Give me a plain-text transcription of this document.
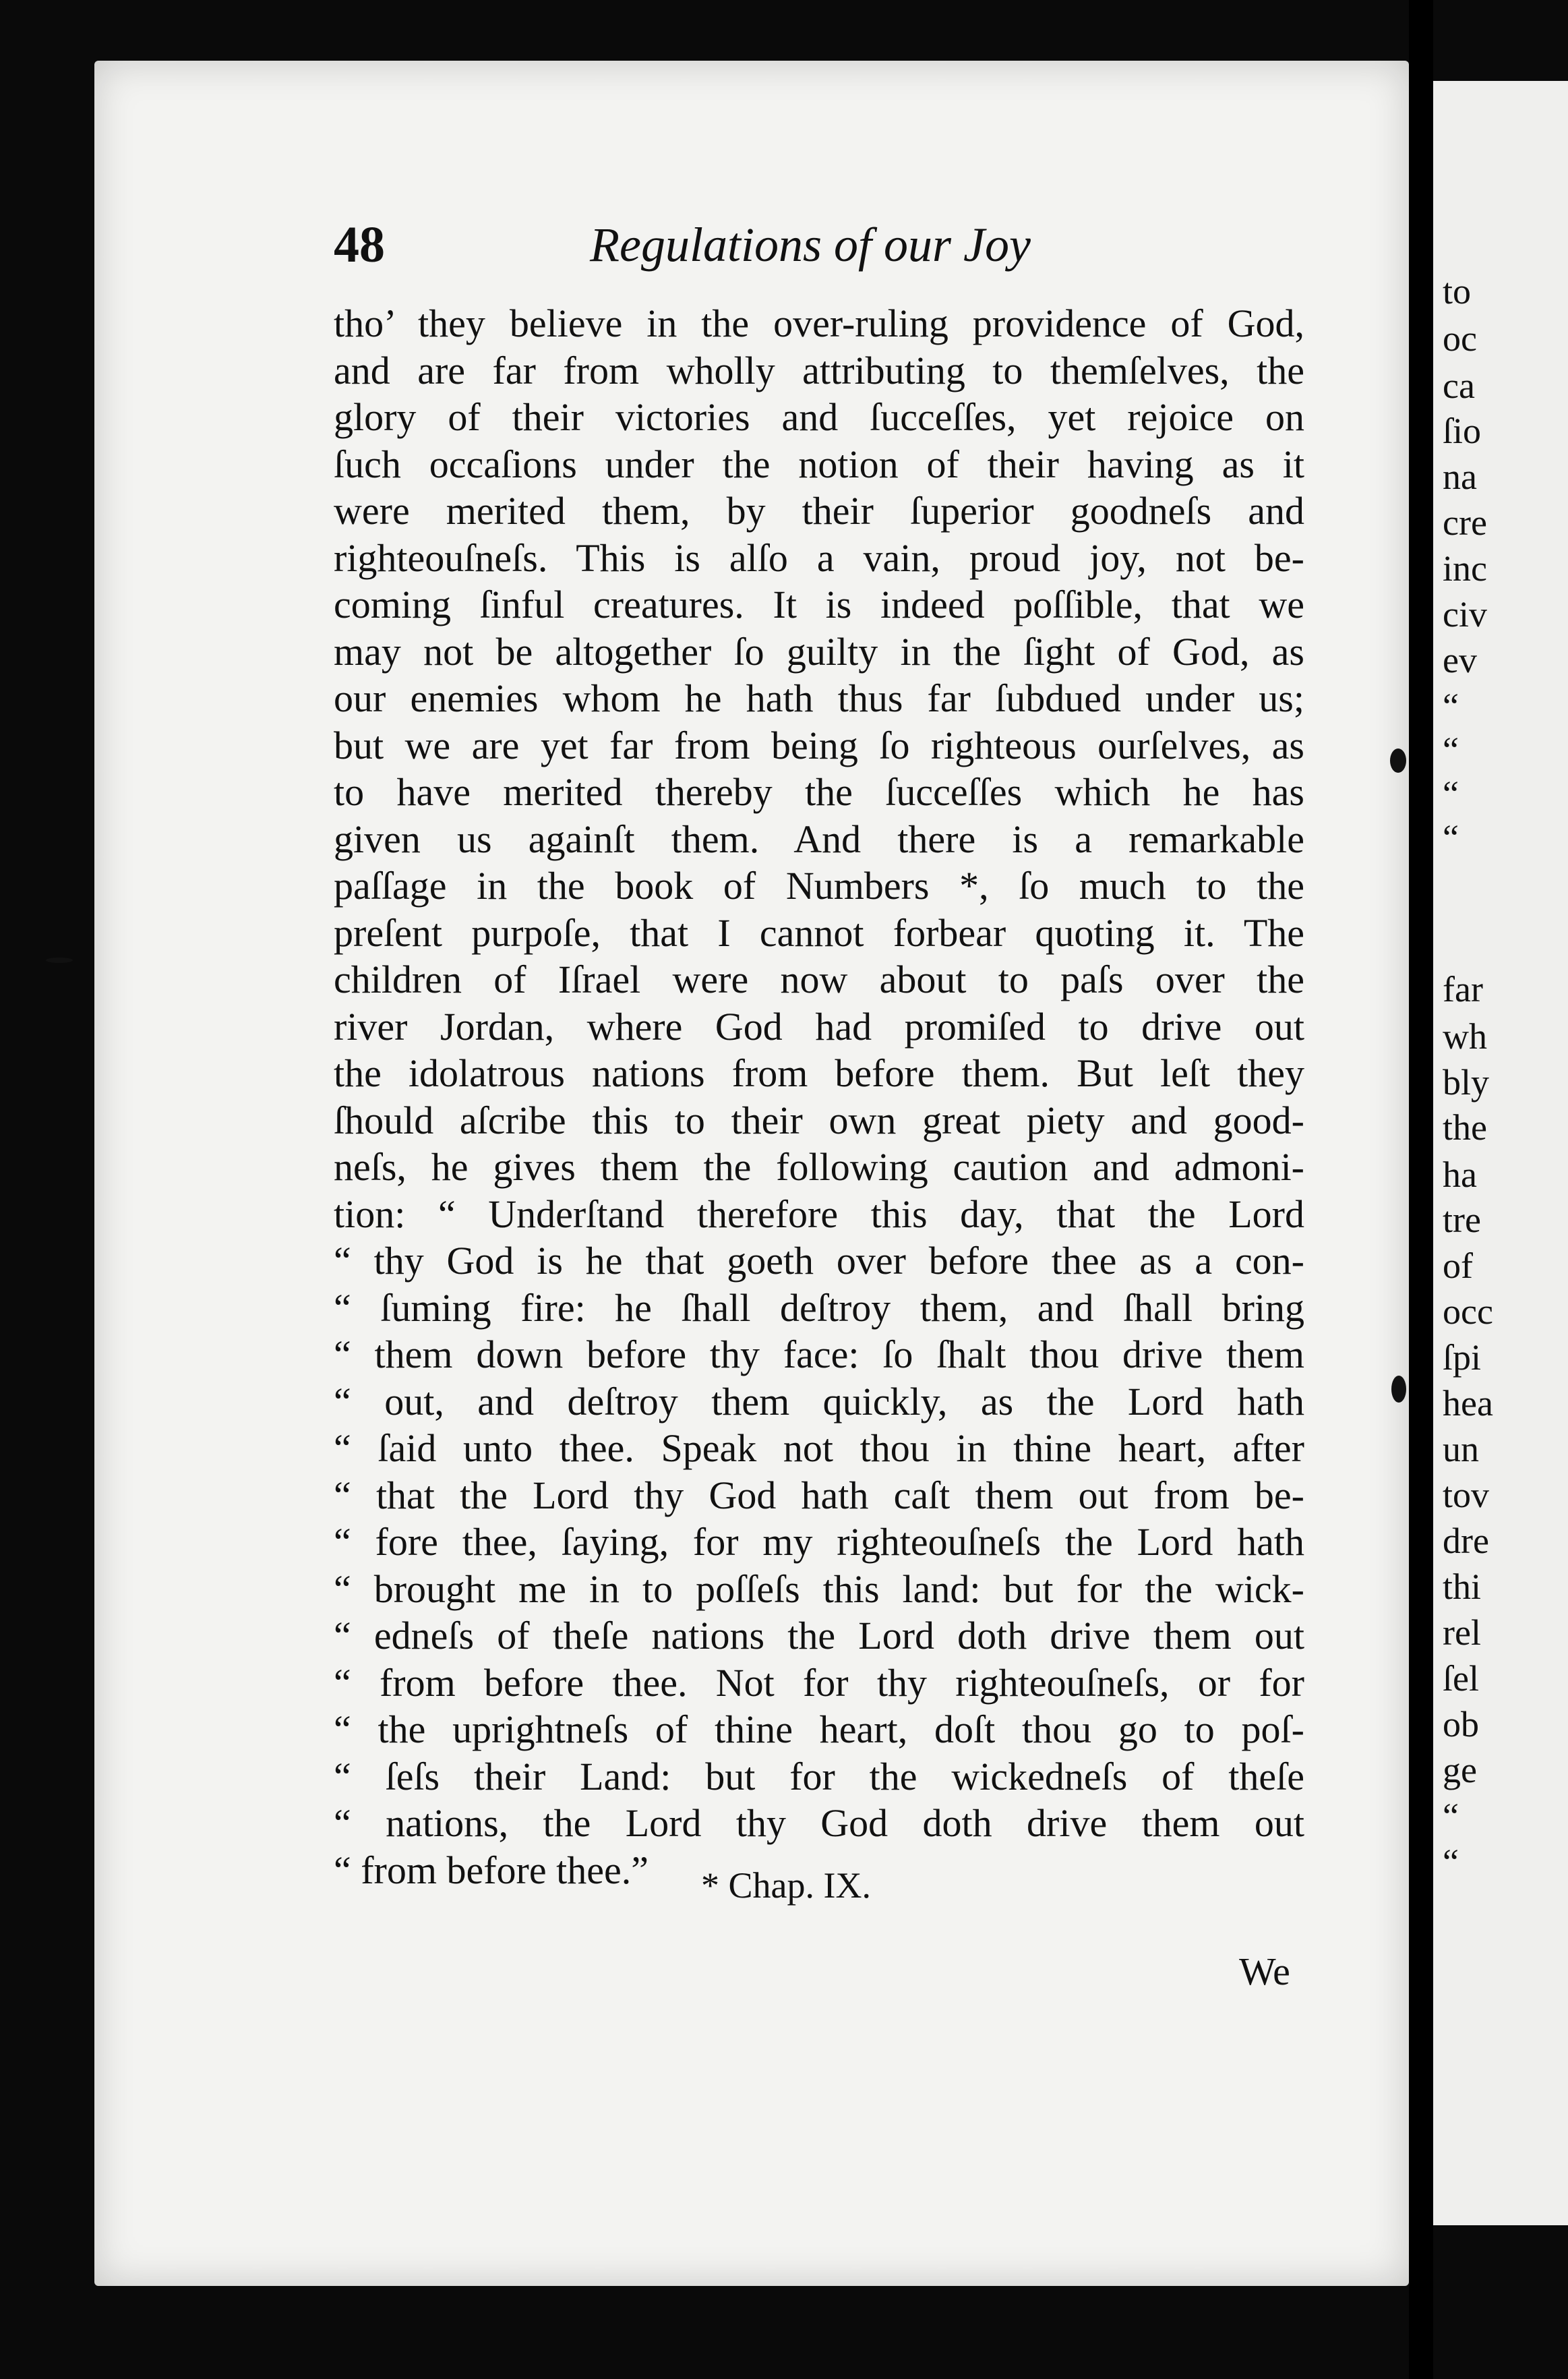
to
oc
ca
ſio
na
cre
inc
civ
ev
“
“
“
“
far
wh
bly
the
ha
tre
of
occ
ſpi
hea
un
tov
dre
thi
rel
ſel
ob
ge
“
“
48	Regulations of our Joy
tho’ they believe in the over-ruling providence of God,
and are far from wholly attributing to themſelves, the
glory of their victories and ſucceſſes, yet rejoice on
ſuch occaſions under the notion of their having as it
were merited them, by their ſuperior goodneſs and
righteouſneſs. This is alſo a vain, proud joy, not be-
coming ſinful creatures. It is indeed poſſible, that we
may not be altogether ſo guilty in the ſight of God, as
our enemies whom he hath thus far ſubdued under us;
but we are yet far from being ſo righteous ourſelves, as
to have merited thereby the ſucceſſes which he has
given us againſt them. And there is a remarkable
paſſage in the book of Numbers *, ſo much to the
preſent purpoſe, that I cannot forbear quoting it. The
children of Iſrael were now about to paſs over the
river Jordan, where God had promiſed to drive out
the idolatrous nations from before them. But leſt they
ſhould aſcribe this to their own great piety and good-
neſs, he gives them the following caution and admoni-
tion: “ Underſtand therefore this day, that the Lord
“ thy God is he that goeth over before thee as a con-
“ ſuming fire: he ſhall deſtroy them, and ſhall bring
“ them down before thy face: ſo ſhalt thou drive them
“ out, and deſtroy them quickly, as the Lord hath
“ ſaid unto thee. Speak not thou in thine heart, after
“ that the Lord thy God hath caſt them out from be-
“ fore thee, ſaying, for my righteouſneſs the Lord hath
“ brought me in to poſſeſs this land: but for the wick-
“ edneſs of theſe nations the Lord doth drive them out
“ from before thee. Not for thy righteouſneſs, or for
“ the uprightneſs of thine heart, doſt thou go to poſ-
“ ſeſs their Land: but for the wickedneſs of theſe
“ nations, the Lord thy God doth drive them out
“ from before thee.”	* Chap. IX.
We
